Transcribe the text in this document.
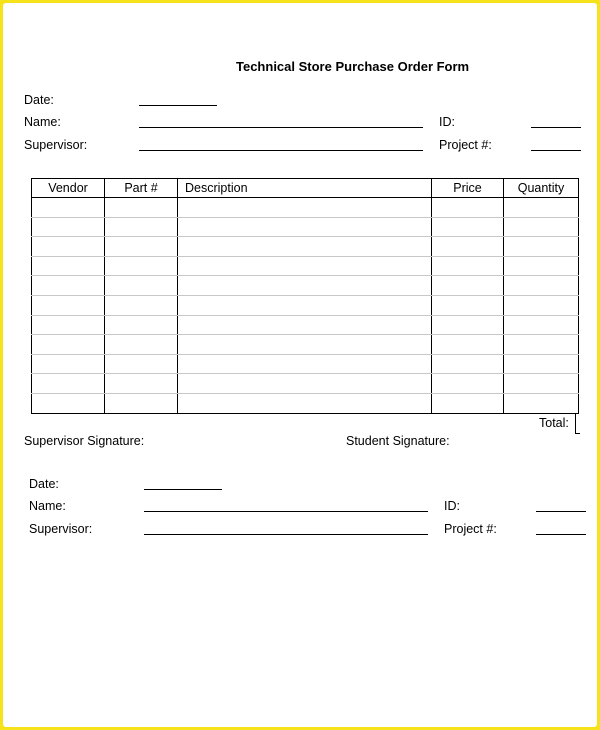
Technical Store Purchase Order Form
Date:
Name:	ID:
Supervisor:	Project #:
Vendor	Part #	Description	Price	Quantity

Total:
Supervisor Signature:	Student Signature:
Date:
Name:	ID:
Supervisor:	Project #:
